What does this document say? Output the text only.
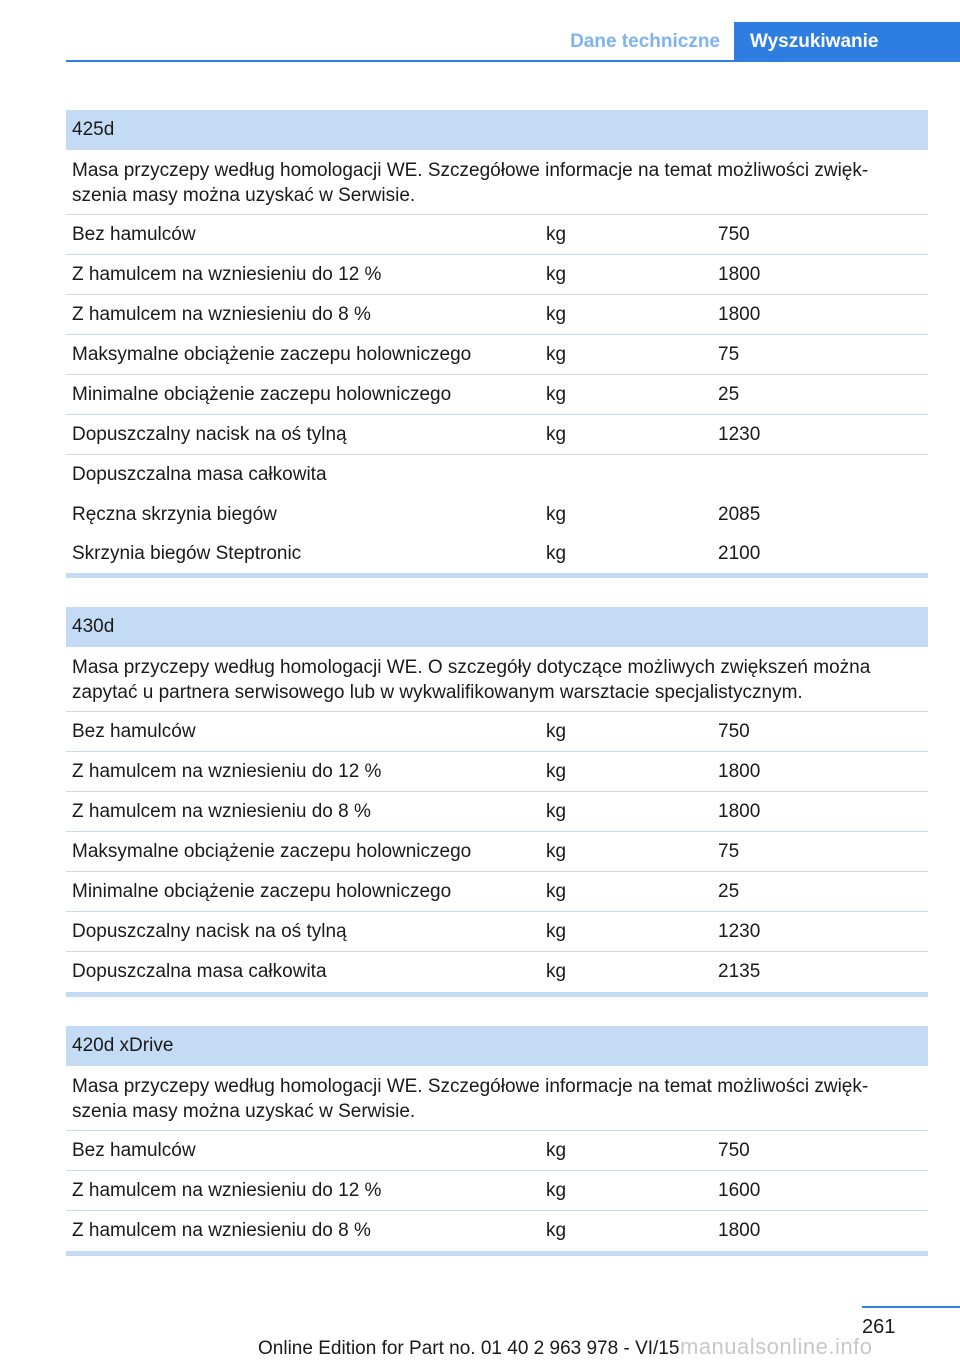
Dane techniczne	Wyszukiwanie
425d
Masa przyczepy według homologacji WE. Szczegółowe informacje na temat możliwości zwięk- szenia masy można uzyskać w Serwisie.
Bez hamulców	kg	750
Z hamulcem na wzniesieniu do 12 %	kg	1800
Z hamulcem na wzniesieniu do 8 %	kg	1800
Maksymalne obciążenie zaczepu holowniczego	kg	75
Minimalne obciążenie zaczepu holowniczego	kg	25
Dopuszczalny nacisk na oś tylną	kg	1230
Dopuszczalna masa całkowita
Ręczna skrzynia biegów	kg	2085
Skrzynia biegów Steptronic	kg	2100
430d
Masa przyczepy według homologacji WE. O szczegóły dotyczące możliwych zwiększeń można zapytać u partnera serwisowego lub w wykwalifikowanym warsztacie specjalistycznym.
Bez hamulców	kg	750
Z hamulcem na wzniesieniu do 12 %	kg	1800
Z hamulcem na wzniesieniu do 8 %	kg	1800
Maksymalne obciążenie zaczepu holowniczego	kg	75
Minimalne obciążenie zaczepu holowniczego	kg	25
Dopuszczalny nacisk na oś tylną	kg	1230
Dopuszczalna masa całkowita	kg	2135
420d xDrive
Masa przyczepy według homologacji WE. Szczegółowe informacje na temat możliwości zwięk- szenia masy można uzyskać w Serwisie.
Bez hamulców	kg	750
Z hamulcem na wzniesieniu do 12 %	kg	1600
Z hamulcem na wzniesieniu do 8 %	kg	1800
261
Online Edition for Part no. 01 40 2 963 978 - VI/15 manualsonline.info
